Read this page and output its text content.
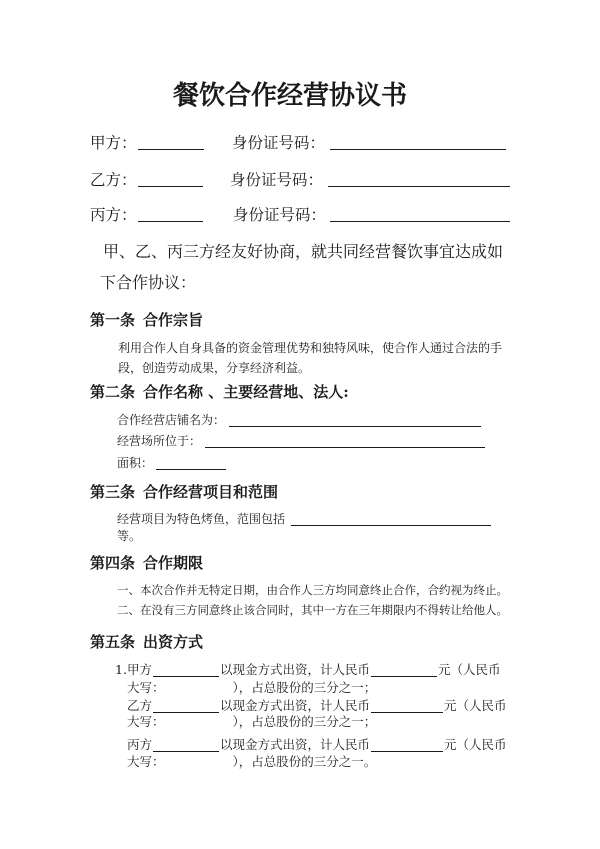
餐饮合作经营协议书
甲方：	身份证号码：
乙方：	身份证号码：
丙方：	身份证号码：
甲、乙、丙三方经友好协商，就共同经营餐饮事宜达成如
下合作协议：
第一条 合作宗旨
利用合作人自身具备的资金管理优势和独特风味，使合作人通过合法的手
段，创造劳动成果，分享经济利益。
第二条 合作名称 、主要经营地、法人:
合作经营店铺名为：
经营场所位于：
面积：
第三条 合作经营项目和范围
经营项目为特色烤鱼，范围包括
等。
第四条 合作期限
一、本次合作并无特定日期，由合作人三方均同意终止合作，合约视为终止。
二、在没有三方同意终止该合同时，其中一方在三年期限内不得转让给他人。
第五条 出资方式
1.甲方	以现金方式出资，计人民币	元（人民币
大写：	），占总股份的三分之一；
乙方	以现金方式出资，计人民币	元（人民币
大写：	），占总股份的三分之一；
丙方	以现金方式出资，计人民币	元（人民币
大写：	），占总股份的三分之一。
